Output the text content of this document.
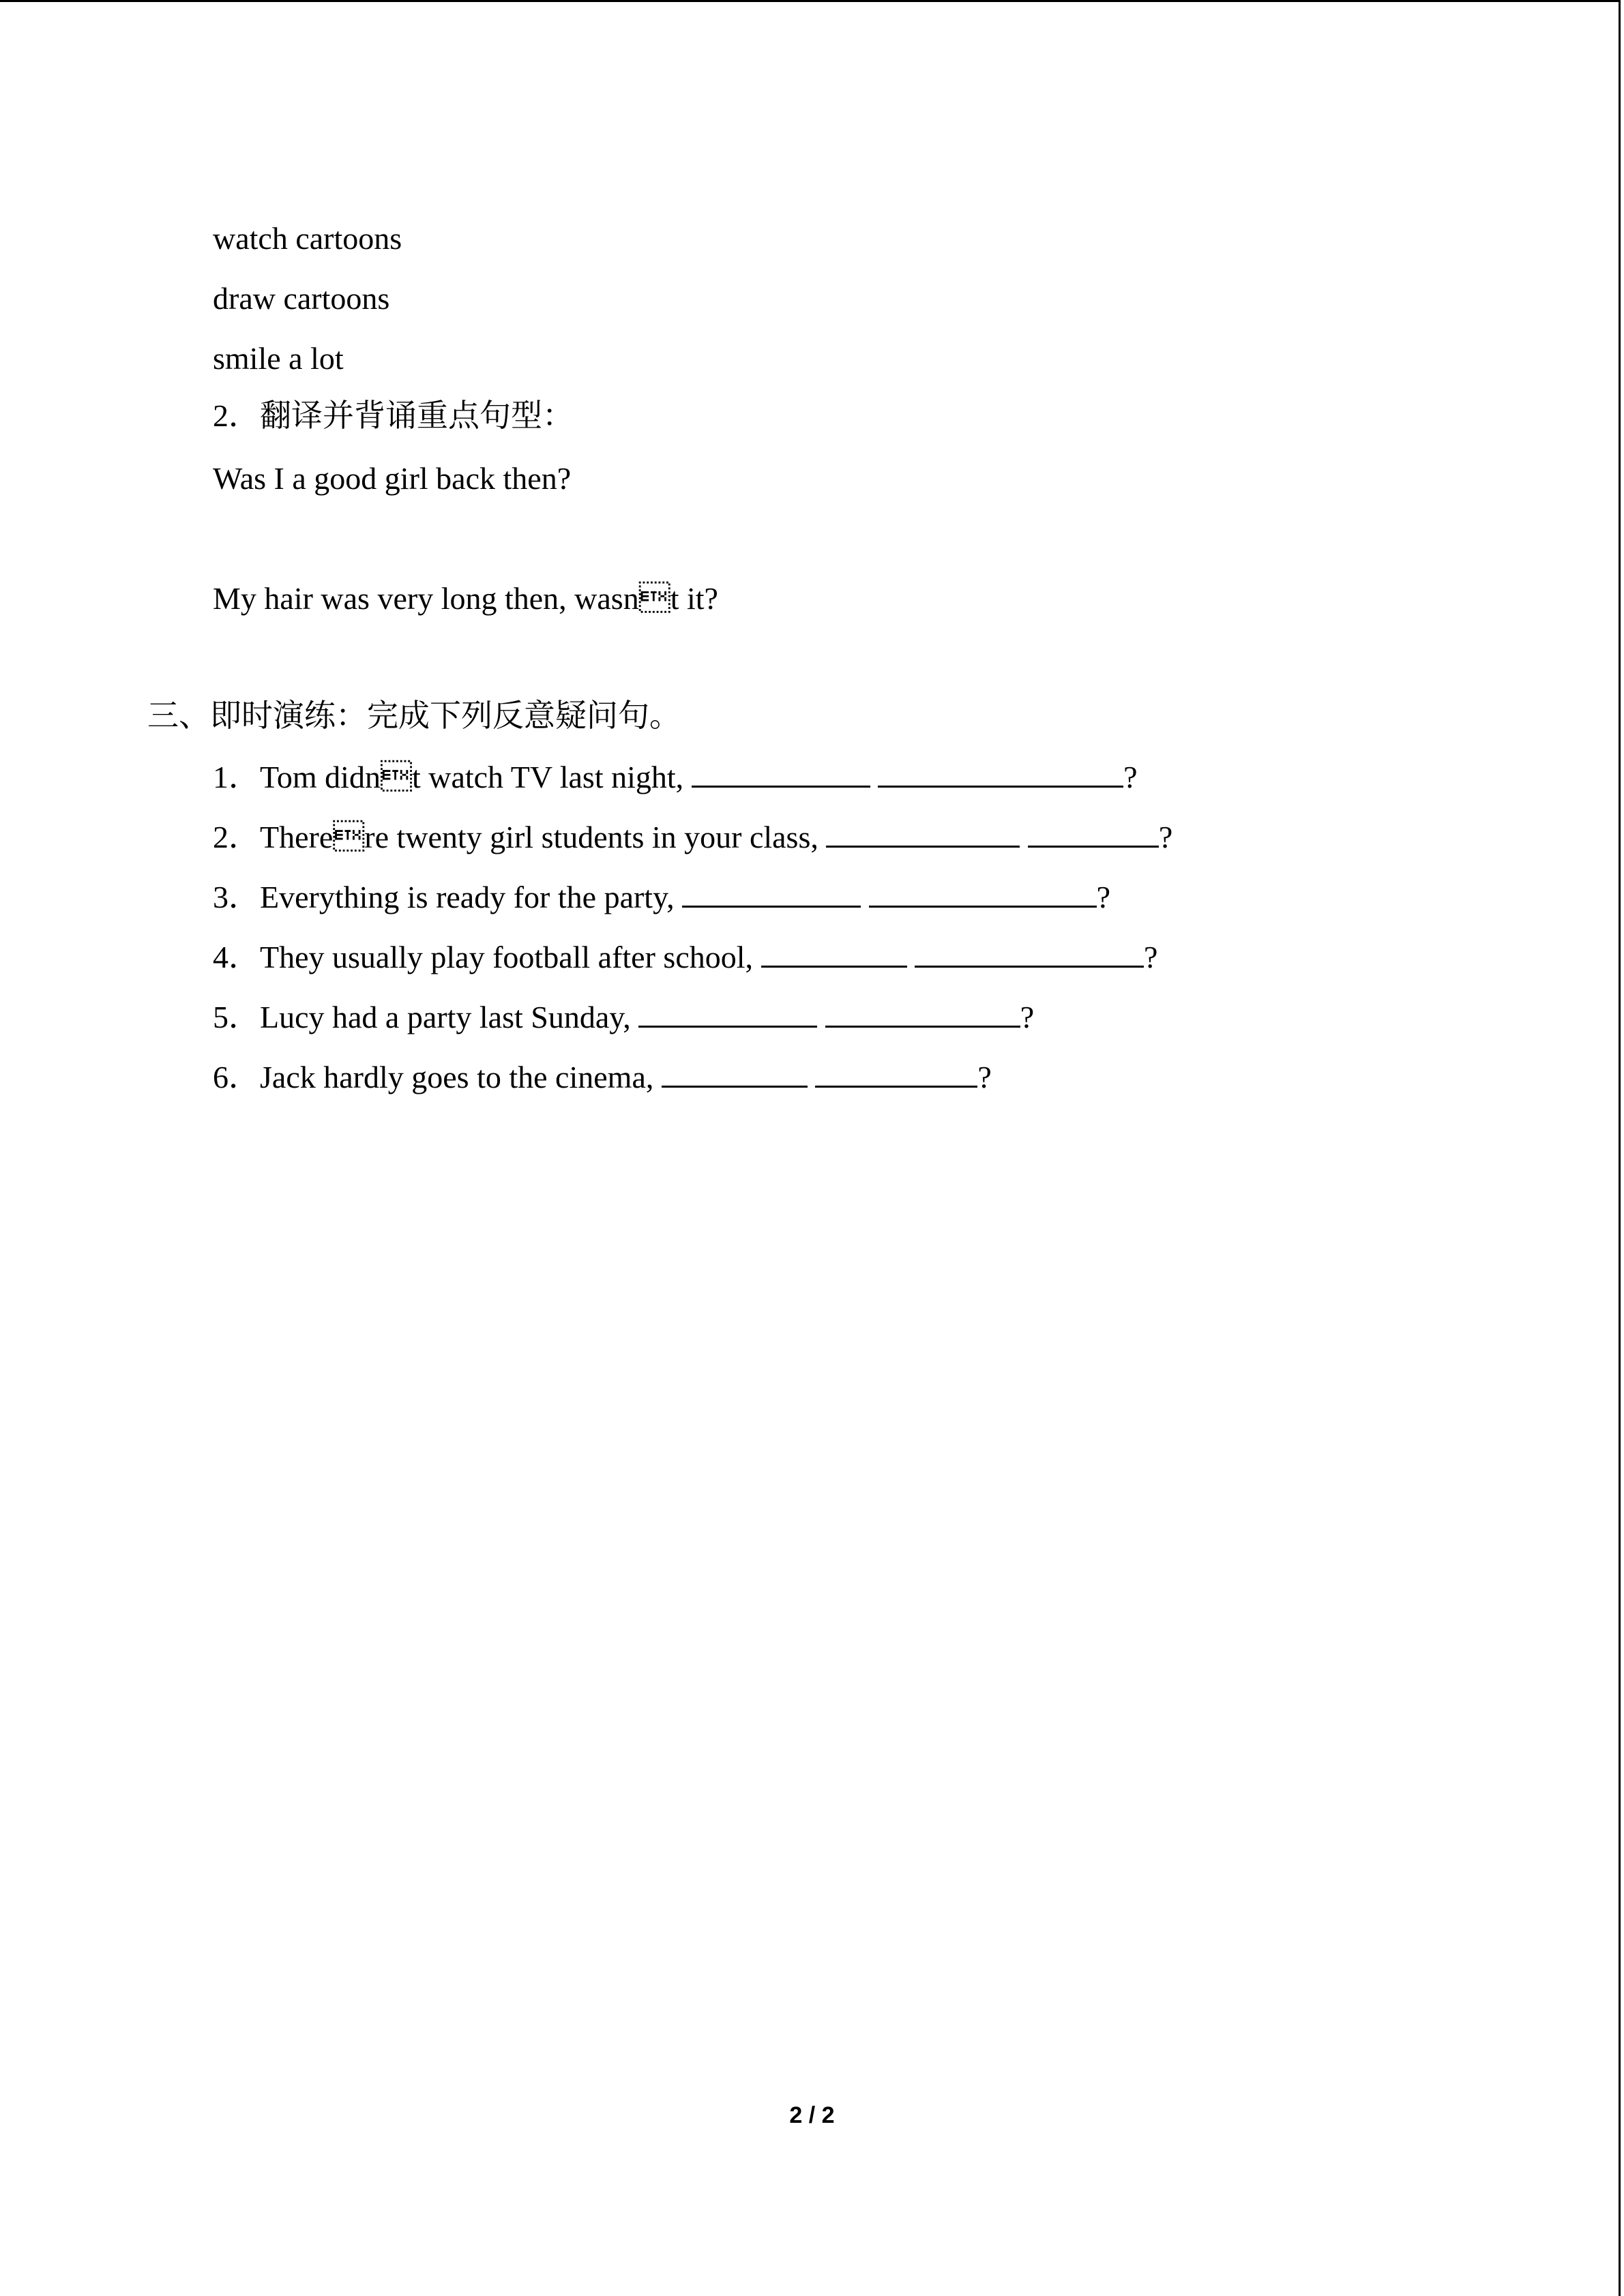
watch cartoons
draw cartoons
smile a lot
2．翻译并背诵重点句型：
Was I a good girl back then?
My hair was very long then, wasnt it?
三、即时演练：完成下列反意疑问句。
1．Tom didnt watch TV last night,	?
2．Therere twenty girl students in your class,	?
3．Everything is ready for the party,	?
4．They usually play football after school,	?
5．Lucy had a party last Sunday,	?
6．Jack hardly goes to the cinema,	?
2 / 2
